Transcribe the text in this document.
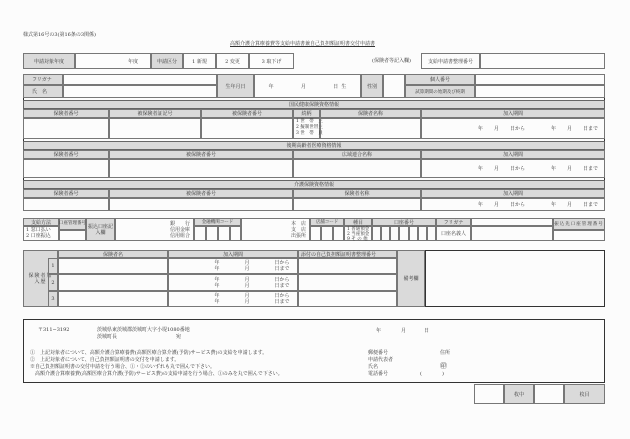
様式第16号の3(第16条の3関係)
高額介護合算療養費等支給申請書兼自己負担額証明書交付申請書
申請対象年度	年度	申請区分	1 新規	2 変更	3 取下げ	(保険者等記入欄)	支給申請書整理番号
フリガナ
氏　名
生年月日	年	月	日 生	性別
個人番号
試算期間の始期及び終期
国民健康保険資格情報
保険者番号	被保険者証記号	被保険者番号	続柄	保険者名称	加入期間
1 世　帯　主
2 擬制世帯主
3 世　帯　員
年 月 日から	年 月 日まで
後期高齢者医療資格情報
保険者番号	被保険者番号	広域連合名称	加入期間
年 月 日から	年 月 日まで
介護保険資格情報
保険者番号	被保険者番号	保険者名称	加入期間
年 月 日から	年 月 日まで
支給方法
1 窓口払い
2 口座振込
口座管理番号 振込口座記入欄
銀　　行
信用金庫
信用組合
金融機関コード	本　店
支　店
出張所
店舗コード	種目
1 普通預金
2 当座預金
9 そ の 他
口座番号	フリガナ
口座名義人
振込先口座管理番号
保険者加入歴
保険者名	加入期間	添付の自己負担額証明書整理番号
1	年	月	日から
年	月	日まで
2	年	月	日から
年	月	日まで
3	年	月	日から
年	月	日まで
備考欄
〒311−3192	茨城県東茨城郡茨城町大字小堤1080番地
茨城町長	宛
年	月	日
①　上記対象者について、高額介護合算療養費(高額医療合算介護(予防)サービス費)の支給を申請します。
②　上記対象者について、自己負担額証明書の交付を申請します。
※自己負担額証明書の交付申請を行う場合、①・②のいずれも丸で囲んで下さい。
　高額介護合算療養費(高額医療合算介護(予防)サービス費)の支給申請を行う場合、①のみを丸で囲んで下さい。
郵便番号	住所
申請代表者
氏名	㊞
電話番号	(　　　　)
枚中	枚目
